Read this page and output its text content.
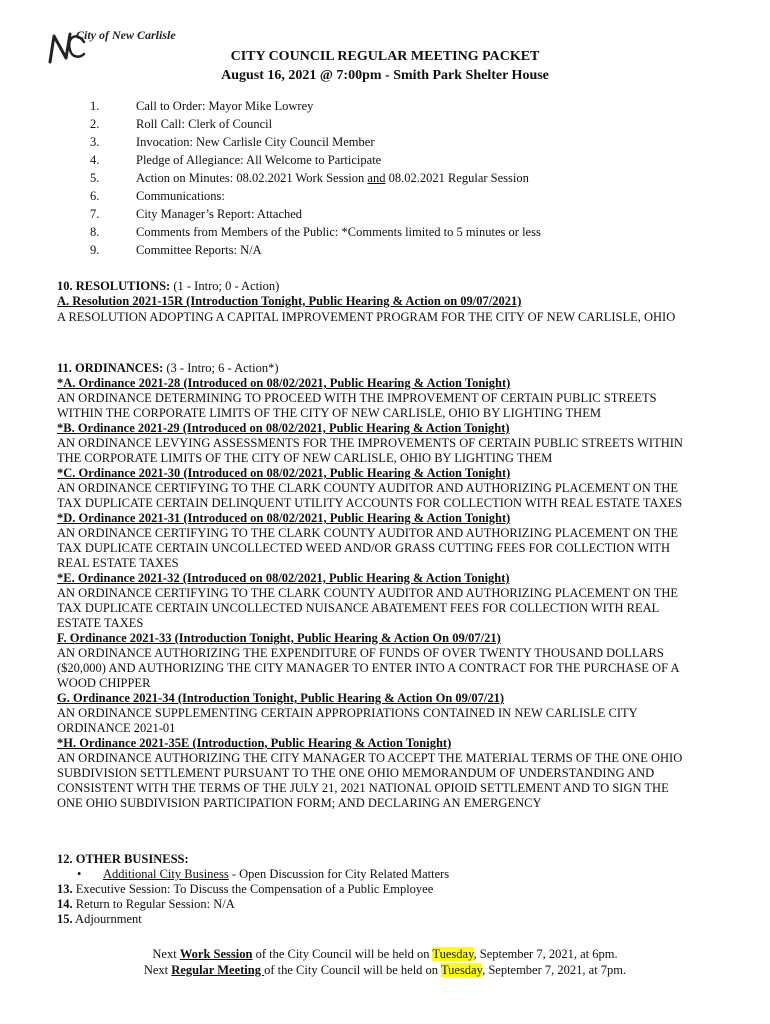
City of New Carlisle
CITY COUNCIL REGULAR MEETING PACKET
August 16, 2021 @ 7:00pm - Smith Park Shelter House
1.	Call to Order: Mayor Mike Lowrey
2.	Roll Call: Clerk of Council
3.	Invocation: New Carlisle City Council Member
4.	Pledge of Allegiance: All Welcome to Participate
5.	Action on Minutes: 08.02.2021 Work Session and 08.02.2021 Regular Session
6.	Communications:
7.	City Manager’s Report: Attached
8.	Comments from Members of the Public: *Comments limited to 5 minutes or less
9.	Committee Reports: N/A
10. RESOLUTIONS: (1 - Intro; 0 - Action)
A. Resolution 2021-15R (Introduction Tonight, Public Hearing & Action on 09/07/2021)
A RESOLUTION ADOPTING A CAPITAL IMPROVEMENT PROGRAM FOR THE CITY OF NEW CARLISLE, OHIO
11. ORDINANCES: (3 - Intro; 6 - Action*)
*A. Ordinance 2021-28 (Introduced on 08/02/2021, Public Hearing & Action Tonight)
AN ORDINANCE DETERMINING TO PROCEED WITH THE IMPROVEMENT OF CERTAIN PUBLIC STREETS WITHIN THE CORPORATE LIMITS OF THE CITY OF NEW CARLISLE, OHIO BY LIGHTING THEM
*B. Ordinance 2021-29 (Introduced on 08/02/2021, Public Hearing & Action Tonight)
AN ORDINANCE LEVYING ASSESSMENTS FOR THE IMPROVEMENTS OF CERTAIN PUBLIC STREETS WITHIN THE CORPORATE LIMITS OF THE CITY OF NEW CARLISLE, OHIO BY LIGHTING THEM
*C. Ordinance 2021-30 (Introduced on 08/02/2021, Public Hearing & Action Tonight)
AN ORDINANCE CERTIFYING TO THE CLARK COUNTY AUDITOR AND AUTHORIZING PLACEMENT ON THE TAX DUPLICATE CERTAIN DELINQUENT UTILITY ACCOUNTS FOR COLLECTION WITH REAL ESTATE TAXES
*D. Ordinance 2021-31 (Introduced on 08/02/2021, Public Hearing & Action Tonight)
AN ORDINANCE CERTIFYING TO THE CLARK COUNTY AUDITOR AND AUTHORIZING PLACEMENT ON THE TAX DUPLICATE CERTAIN UNCOLLECTED WEED AND/OR GRASS CUTTING FEES FOR COLLECTION WITH REAL ESTATE TAXES
*E. Ordinance 2021-32 (Introduced on 08/02/2021, Public Hearing & Action Tonight)
AN ORDINANCE CERTIFYING TO THE CLARK COUNTY AUDITOR AND AUTHORIZING PLACEMENT ON THE TAX DUPLICATE CERTAIN UNCOLLECTED NUISANCE ABATEMENT FEES FOR COLLECTION WITH REAL ESTATE TAXES
F. Ordinance 2021-33 (Introduction Tonight, Public Hearing & Action On 09/07/21)
AN ORDINANCE AUTHORIZING THE EXPENDITURE OF FUNDS OF OVER TWENTY THOUSAND DOLLARS ($20,000) AND AUTHORIZING THE CITY MANAGER TO ENTER INTO A CONTRACT FOR THE PURCHASE OF A WOOD CHIPPER
G. Ordinance 2021-34 (Introduction Tonight, Public Hearing & Action On 09/07/21)
AN ORDINANCE SUPPLEMENTING CERTAIN APPROPRIATIONS CONTAINED IN NEW CARLISLE CITY ORDINANCE 2021-01
*H. Ordinance 2021-35E (Introduction, Public Hearing & Action Tonight)
AN ORDINANCE AUTHORIZING THE CITY MANAGER TO ACCEPT THE MATERIAL TERMS OF THE ONE OHIO SUBDIVISION SETTLEMENT PURSUANT TO THE ONE OHIO MEMORANDUM OF UNDERSTANDING AND CONSISTENT WITH THE TERMS OF THE JULY 21, 2021 NATIONAL OPIOID SETTLEMENT AND TO SIGN THE ONE OHIO SUBDIVISION PARTICIPATION FORM; AND DECLARING AN EMERGENCY
12. OTHER BUSINESS:
• Additional City Business - Open Discussion for City Related Matters
13. Executive Session: To Discuss the Compensation of a Public Employee
14. Return to Regular Session: N/A
15. Adjournment
Next Work Session of the City Council will be held on Tuesday, September 7, 2021, at 6pm.
Next Regular Meeting of the City Council will be held on Tuesday, September 7, 2021, at 7pm.
